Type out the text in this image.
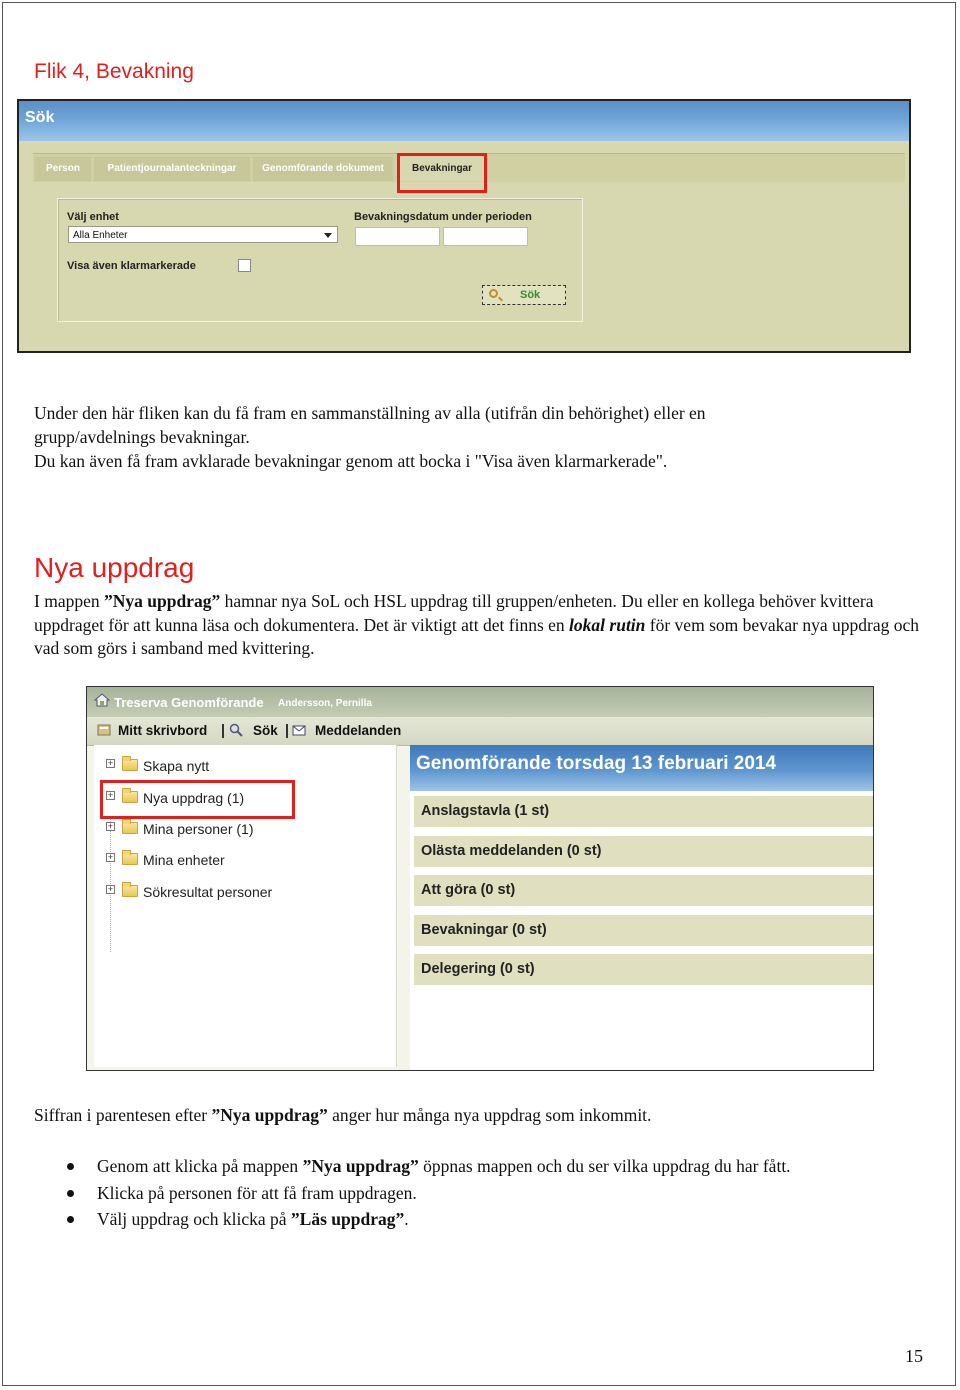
Flik 4, Bevakning
Sök
Person	Patientjournalanteckningar	Genomförande dokument	Bevakningar
Välj enhet
Alla Enheter
Bevakningsdatum under perioden
Visa även klarmarkerade
Sök
Under den här fliken kan du få fram en sammanställning av alla (utifrån din behörighet) eller en
grupp/avdelnings bevakningar.
Du kan även få fram avklarade bevakningar genom att bocka i "Visa även klarmarkerade".
Nya uppdrag
I mappen ”Nya uppdrag” hamnar nya SoL och HSL uppdrag till gruppen/enheten. Du eller en kollega behöver kvittera uppdraget för att kunna läsa och dokumentera. Det är viktigt att det finns en lokal rutin för vem som bevakar nya uppdrag och vad som görs i samband med kvittering.
Treserva Genomförande Andersson, Pernilla
Mitt skrivbord	Sök	Meddelanden
+ Skapa nytt
+ Nya uppdrag (1)
+ Mina personer (1)
+ Mina enheter
+ Sökresultat personer
Genomförande torsdag 13 februari 2014
Anslagstavla (1 st)
Olästa meddelanden (0 st)
Att göra (0 st)
Bevakningar (0 st)
Delegering (0 st)
Siffran i parentesen efter ”Nya uppdrag” anger hur många nya uppdrag som inkommit.
Genom att klicka på mappen ”Nya uppdrag” öppnas mappen och du ser vilka uppdrag du har fått.
Klicka på personen för att få fram uppdragen.
Välj uppdrag och klicka på ”Läs uppdrag”.
15
